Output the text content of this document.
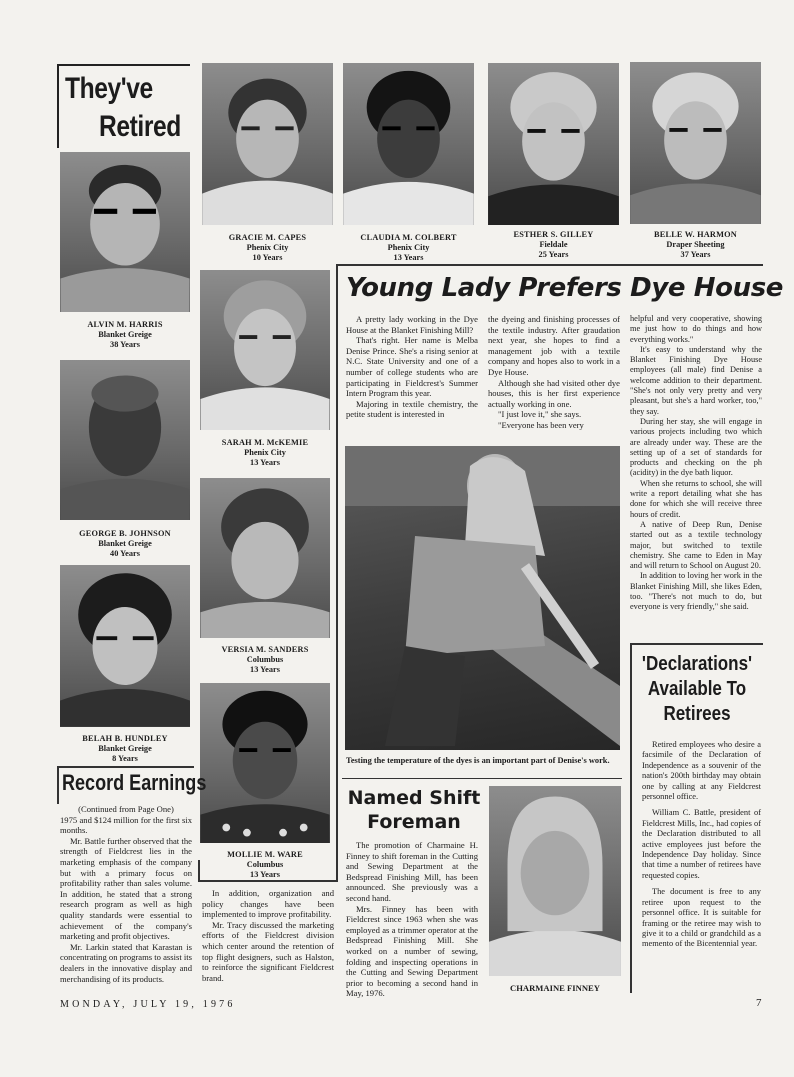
They've
Retired
GRACIE M. CAPES
Phenix City
10 Years
CLAUDIA M. COLBERT
Phenix City
13 Years
ESTHER S. GILLEY
Fieldale
25 Years
BELLE W. HARMON
Draper Sheeting
37 Years
ALVIN M. HARRIS
Blanket Greige
38 Years
GEORGE B. JOHNSON
Blanket Greige
40 Years
BELAH B. HUNDLEY
Blanket Greige
8 Years
SARAH M. McKEMIE
Phenix City
13 Years
VERSIA M. SANDERS
Columbus
13 Years
MOLLIE M. WARE
Columbus
13 Years
Young Lady Prefers Dye House

A pretty lady working in the Dye House at the Blanket Finishing Mill?

That's right. Her name is Melba Denise Prince. She's a rising senior at N.C. State University and one of a number of college students who are participating in Fieldcrest's Summer Intern Program this year.

Majoring in textile chemistry, the petite student is interested in

the dyeing and finishing processes of the textile industry. After graudation next year, she hopes to find a management job with a textile company and hopes also to work in a Dye House.

Although she had visited other dye houses, this is her first experience actually working in one.

"I just love it," she says.

"Everyone has been very

helpful and very cooperative, showing me just how to do things and how everything works."

It's easy to understand why the Blanket Finishing Dye House employees (all male) find Denise a welcome addition to their department. "She's not only very pretty and very pleasant, but she's a hard worker, too," they say.

During her stay, she will engage in various projects including two which are already under way. These are the setting up of a set of standards for products and checking on the ph (acidity) in the dye bath liquor.

When she returns to school, she will write a report detailing what she has done for which she will receive three hours of credit.

A native of Deep Run, Denise started out as a textile technology major, but switched to textile chemistry. She came to Eden in May and will return to School on August 20.

In addition to loving her work in the Blanket Finishing Mill, she likes Eden, too. "There's not much to do, but everyone is very friendly," she said.

Testing the temperature of the dyes is an important part of Denise's work.
'Declarations'
Available To
Retirees

Retired employees who desire a facsimile of the Declaration of Independence as a souvenir of the nation's 200th birthday may obtain one by calling at any Fieldcrest personnel office.

William C. Battle, president of Fieldcrest Mills, Inc., had copies of the Declaration distributed to all active employees just before the Independence Day holiday. Since that time a number of retirees have requested copies.

The document is free to any retiree upon request to the personnel office. It is suitable for framing or the retiree may wish to give it to a child or grandchild as a memento of the Bicentennial year.

Record Earnings
(Continued from Page One)

1975 and $124 million for the first six months.

Mr. Battle further observed that the strength of Fieldcrest lies in the marketing emphasis of the company but with a primary focus on profitability rather than sales volume. In addition, he stated that a strong research program as well as high quality standards were essential to achievement of the company's marketing and profit objectives.

Mr. Larkin stated that Karastan is concentrating on programs to assist its dealers in the innovative display and merchandising of its products.

In addition, organization and policy changes have been implemented to improve profitability.

Mr. Tracy discussed the marketing efforts of the Fieldcrest division which center around the retention of top flight designers, such as Halston, to reinforce the significant Fieldcrest brand.

Named Shift
Foreman

The promotion of Charmaine H. Finney to shift foreman in the Cutting and Sewing Department at the Bedspread Finishing Mill, has been announced. She previously was a second hand.

Mrs. Finney has been with Fieldcrest since 1963 when she was employed as a trimmer operator at the Bedspread Finishing Mill. She worked on a number of sewing, folding and inspecting operations in the Cutting and Sewing Department prior to becoming a second hand in May, 1976.

CHARMAINE FINNEY
MONDAY, JULY 19, 1976	7
